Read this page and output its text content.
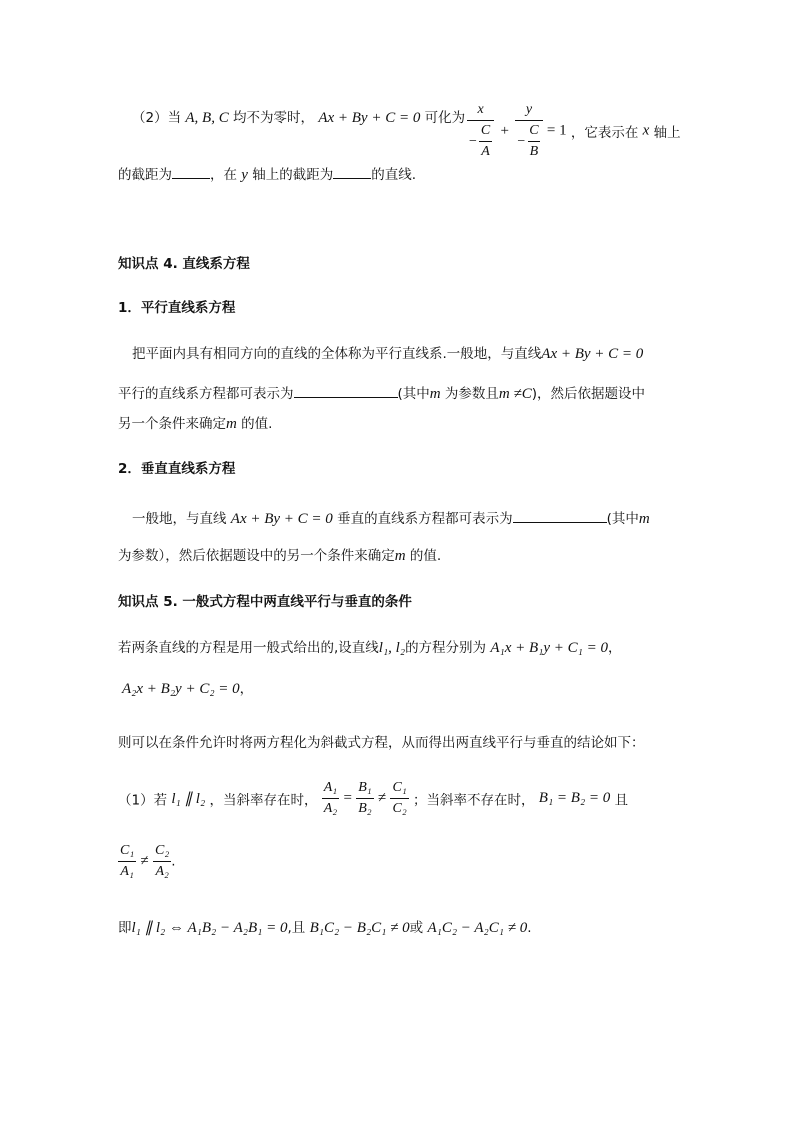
（2）当 A, B, C 均不为零时， Ax + By + C = 0 可化为 $\frac{x}{- \frac{C}{A}} + \frac{y}{- \frac{C}{B}} = 1$ ，它表示在 x 轴上
的截距为	，在 y 轴上的截距为	的直线.
知识点 4. 直线系方程
1．平行直线系方程
把平面内具有相同方向的直线的全体称为平行直线系.一般地，与直线Ax + By + C = 0
平行的直线系方程都可表示为	(其中m 为参数且m ≠C)，然后依据题设中
另一个条件来确定m 的值.
2．垂直直线系方程
一般地，与直线 Ax + By + C = 0 垂直的直线系方程都可表示为	(其中m
为参数），然后依据题设中的另一个条件来确定m 的值.
知识点 5. 一般式方程中两直线平行与垂直的条件
若两条直线的方程是用一般式给出的,设直线l₁, l₂的方程分别为 A₁x + B₁y + C₁ = 0，
A₂x + B₂y + C₂ = 0，
则可以在条件允许时将两方程化为斜截式方程，从而得出两直线平行与垂直的结论如下：
（1）若 l₁ ∥ l₂ ，当斜率存在时， $\frac{\text{A₁}}{\text{A₂}} = \frac{\text{B₁}}{\text{B₂}} \ne \frac{\text{C₁}}{\text{C₂}}$ ；当斜率不存在时， B₁ = B₂ = 0 且
$\frac{\text{C₁}}{\text{A₁}} \ne \frac{\text{C₂}}{\text{A₂}}$ .
即l₁ ∥ l₂ ⇔ A₁B₂ − A₂B₁ = 0,且 B₁C₂ − B₂C₁ ≠ 0或 A₁C₂ − A₂C₁ ≠ 0.
